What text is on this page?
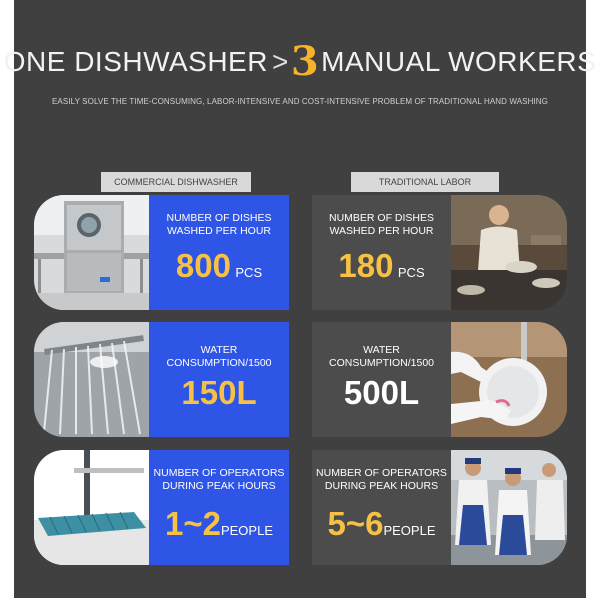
ONE DISHWASHER >3MANUAL WORKERS
EASILY SOLVE THE TIME-CONSUMING, LABOR-INTENSIVE AND COST-INTENSIVE PROBLEM OF TRADITIONAL HAND WASHING
COMMERCIAL DISHWASHER	TRADITIONAL LABOR
NUMBER OF DISHES
WASHED PER HOUR
800 PCS
NUMBER OF DISHES
WASHED PER HOUR
180 PCS
WATER
CONSUMPTION/1500
150L
WATER
CONSUMPTION/1500
500L
NUMBER OF OPERATORS
DURING PEAK HOURS
1~2PEOPLE
NUMBER OF OPERATORS
DURING PEAK HOURS
5~6PEOPLE
